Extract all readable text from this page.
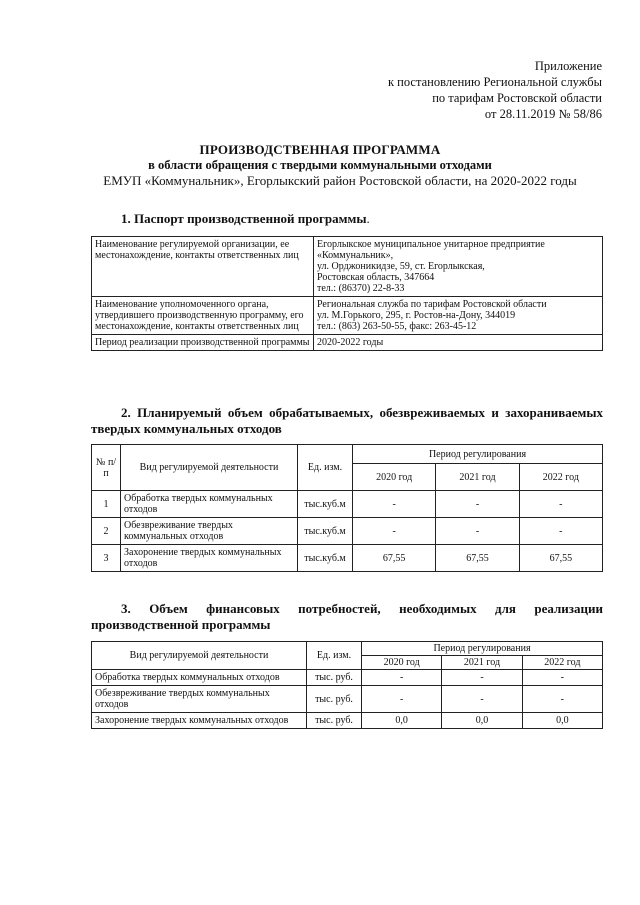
Приложение
к постановлению Региональной службы
по тарифам Ростовской области
от 28.11.2019 № 58/86
ПРОИЗВОДСТВЕННАЯ ПРОГРАММА
в области обращения с твердыми коммунальными отходами
ЕМУП «Коммунальник», Егорлыкский район Ростовской области, на 2020-2022 годы
1. Паспорт производственной программы.
Наименование регулируемой организации, ее местонахождение, контакты ответственных лиц	Егорлыкское муниципальное унитарное предприятие
«Коммунальник»,
ул. Орджоникидзе, 59, ст. Егорлыкская,
Ростовская область, 347664
тел.: (86370) 22-8-33

Наименование уполномоченного органа, утвердившего производственную программу, его местонахождение, контакты ответственных лиц	Региональная служба по тарифам Ростовской области
ул. М.Горького, 295, г. Ростов-на-Дону, 344019
тел.: (863) 263-50-55, факс: 263-45-12

Период реализации производственной программы	2020-2022 годы
2. Планируемый объем обрабатываемых, обезвреживаемых и захораниваемых
твердых коммунальных отходов
№ п/п	Вид регулируемой деятельности	Ед. изм.	Период регулирования		
			2020 год	2021 год	2022 год
1	Обработка твердых коммунальных отходов	тыс.куб.м	-	-	-
2	Обезвреживание твердых коммунальных отходов	тыс.куб.м	-	-	-
3	Захоронение твердых коммунальных отходов	тыс.куб.м	67,55	67,55	67,55
3. Объем финансовых потребностей, необходимых для реализации
производственной программы
Вид регулируемой деятельности	Ед. изм.	Период регулирования		
		2020 год	2021 год	2022 год
Обработка твердых коммунальных отходов	тыс. руб.	-	-	-
Обезвреживание твердых коммунальных отходов	тыс. руб.	-	-	-
Захоронение твердых коммунальных отходов	тыс. руб.	0,0	0,0	0,0
